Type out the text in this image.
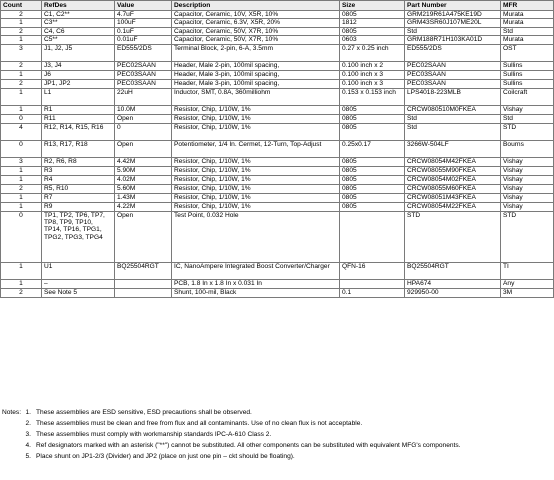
Count	RefDes	Value	Description	Size	Part Number	MFR
2	C1, C2**	4.7uF	Capacitor, Ceramic, 10V, X5R, 10%	0805	GRM219R61A475KE19D	Murata
1	C3**	100uF	Capacitor, Ceramic, 6.3V, X5R, 20%	1812	GRM43SR60J107ME20L	Murata
2	C4, C6	0.1uF	Capacitor, Ceramic, 50V, X7R, 10%	0805	Std	Std
1	C5**	0.01uF	Capacitor, Ceramic, 50V, X7R, 10%	0603	GRM188R71H103KA01D	Murata
3	J1, J2, J5	ED555/2DS	Terminal Block, 2-pin, 6-A, 3.5mm	0.27 x 0.25 inch	ED555/2DS	OST
2	J3, J4	PEC02SAAN	Header, Male 2-pin, 100mil spacing,	0.100 inch x 2	PEC02SAAN	Sullins
1	J6	PEC03SAAN	Header, Male 3-pin, 100mil spacing,	0.100 inch x 3	PEC03SAAN	Sullins
2	JP1, JP2	PEC03SAAN	Header, Male 3-pin, 100mil spacing,	0.100 inch x 3	PEC03SAAN	Sullins
1	L1	22uH	Inductor, SMT, 0.8A, 360milliohm	0.153 x 0.153 inch	LPS4018-223MLB	Coilcraft
1	R1	10.0M	Resistor, Chip, 1/10W, 1%	0805	CRCW080510M0FKEA	Vishay
0	R11	Open	Resistor, Chip, 1/10W, 1%	0805	Std	Std
4	R12, R14, R15, R16	0	Resistor, Chip, 1/10W, 1%	0805	Std	STD
0	R13, R17, R18	Open	Potentiometer, 1/4 In. Cermet, 12-Turn, Top-Adjust	0.25x0.17	3266W-504LF	Bourns
3	R2, R6, R8	4.42M	Resistor, Chip, 1/10W, 1%	0805	CRCW08054M42FKEA	Vishay
1	R3	5.90M	Resistor, Chip, 1/10W, 1%	0805	CRCW08055M90FKEA	Vishay
1	R4	4.02M	Resistor, Chip, 1/10W, 1%	0805	CRCW08054M02FKEA	Vishay
2	R5, R10	5.60M	Resistor, Chip, 1/10W, 1%	0805	CRCW08055M60FKEA	Vishay
1	R7	1.43M	Resistor, Chip, 1/10W, 1%	0805	CRCW08051M43FKEA	Vishay
1	R9	4.22M	Resistor, Chip, 1/10W, 1%	0805	CRCW08054M22FKEA	Vishay
0	TP1, TP2, TP6, TP7, TP8, TP9, TP10, TP14, TP16, TPG1, TPG2, TPG3, TPG4	Open	Test Point, 0.032 Hole		STD	STD
1	U1	BQ25504RGT	IC, NanoAmpere Integrated Boost Converter/Charger	QFN-16	BQ25504RGT	TI
1	–		PCB, 1.8 In x 1.8 In x 0.031 In		HPA674	Any
2	See Note 5		Shunt, 100-mil, Black	0.1	929950-00	3M
Notes: 1. These assemblies are ESD sensitive, ESD precautions shall be observed.
2. These assemblies must be clean and free from flux and all contaminants. Use of no clean flux is not acceptable.
3. These assemblies must comply with workmanship standards IPC-A-610 Class 2.
4. Ref designators marked with an asterisk ("**") cannot be substituted. All other components can be substituted with equivalent MFG's components.
5. Place shunt on JP1-2/3 (Divider) and JP2 (place on just one pin – ckt should be floating).
